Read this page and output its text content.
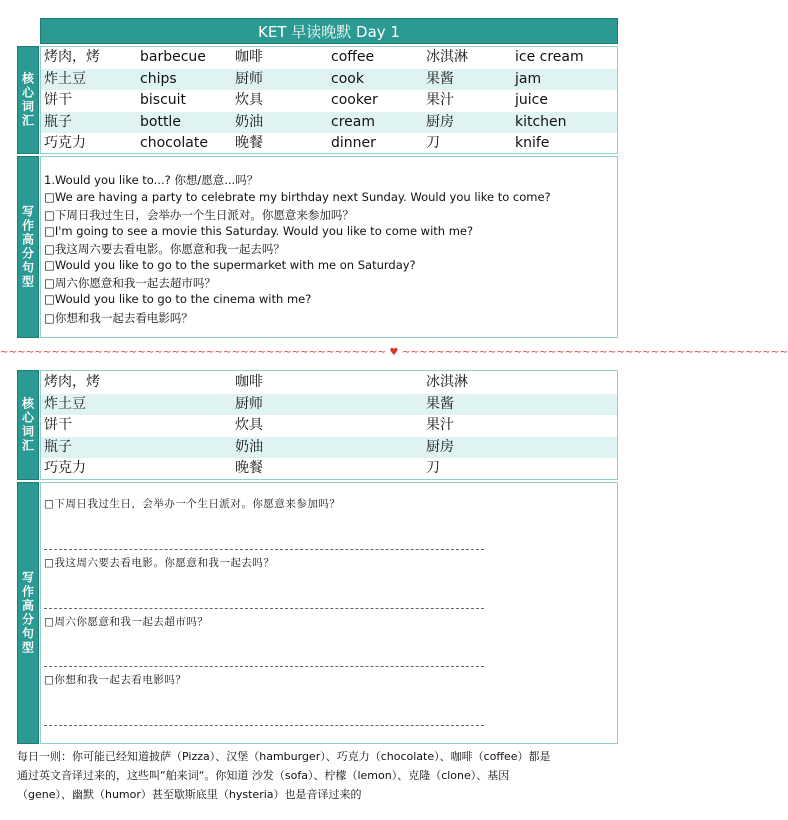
KET 早读晚默 Day 1
核心词汇
烤肉，烤	barbecue 咖啡	coffee	冰淇淋	ice cream
炸土豆	chips	厨师	cook	果酱	jam
饼干	biscuit	炊具	cooker	果汁	juice
瓶子	bottle	奶油	cream	厨房	kitchen
巧克力	chocolate 晚餐	dinner	刀	knife
写作高分句型
1.Would you like to...? 你想/愿意...吗？
□We are having a party to celebrate my birthday next Sunday. Would you like to come?
□下周日我过生日，会举办一个生日派对。你愿意来参加吗？
□I'm going to see a movie this Saturday. Would you like to come with me?
□我这周六要去看电影。你愿意和我一起去吗？
□Would you like to go to the supermarket with me on Saturday?
□周六你愿意和我一起去超市吗？
□Would you like to go to the cinema with me?
□你想和我一起去看电影吗？
~~~~~~~~~~~~~~~~~~~~~~~~~~~~~~~~~~~~~~~~~~~~~ ♥ ~~~~~~~~~~~~~~~~~~~~~~~~~~~~~~~~~~~~~~~~~~~~~
核心词汇
烤肉，烤	咖啡	冰淇淋
炸土豆	厨师	果酱
饼干	炊具	果汁
瓶子	奶油	厨房
巧克力	晚餐	刀
写作高分句型
□下周日我过生日，会举办一个生日派对。你愿意来参加吗？
□我这周六要去看电影。你愿意和我一起去吗？
□周六你愿意和我一起去超市吗？
□你想和我一起去看电影吗？
每日一则：你可能已经知道披萨（Pizza）、汉堡（hamburger）、巧克力（chocolate）、咖啡（coffee）都是
通过英文音译过来的，这些叫“舶来词“。你知道 沙发（sofa）、柠檬（lemon）、克隆（clone）、基因
（gene）、幽默（humor）甚至歇斯底里（hysteria）也是音译过来的
